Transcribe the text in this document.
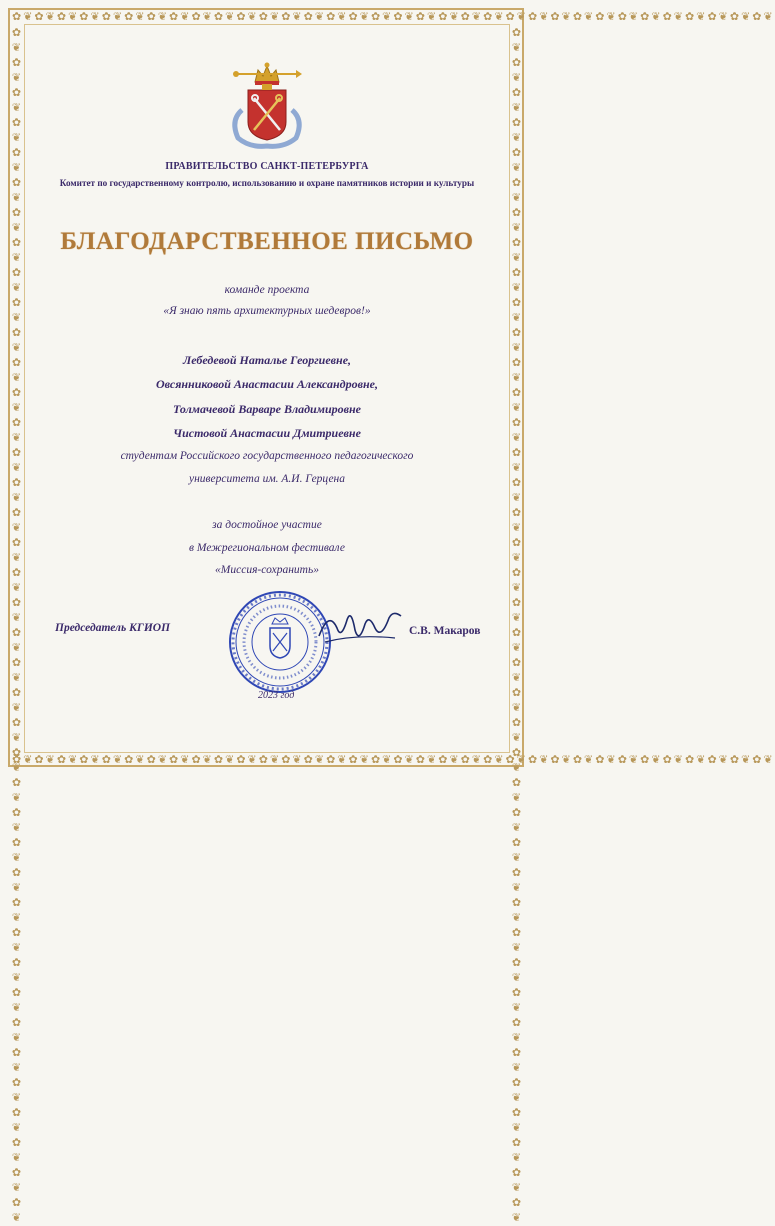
✿❦✿❦✿❦✿❦✿❦✿❦✿❦✿❦✿❦✿❦✿❦✿❦✿❦✿❦✿❦✿❦✿❦✿❦✿❦✿❦✿❦✿❦✿❦✿❦✿❦✿❦✿❦✿❦✿❦✿❦✿❦✿❦✿❦✿❦
✿❦✿❦✿❦✿❦✿❦✿❦✿❦✿❦✿❦✿❦✿❦✿❦✿❦✿❦✿❦✿❦✿❦✿❦✿❦✿❦✿❦✿❦✿❦✿❦✿❦✿❦✿❦✿❦✿❦✿❦✿❦✿❦✿❦✿❦
✿❦✿❦✿❦✿❦✿❦✿❦✿❦✿❦✿❦✿❦✿❦✿❦✿❦✿❦✿❦✿❦✿❦✿❦✿❦✿❦✿❦✿❦✿❦✿❦✿❦✿❦✿❦✿❦✿❦✿❦✿❦✿❦✿❦✿❦✿❦✿❦✿❦✿❦✿❦✿❦	✿❦✿❦✿❦✿❦✿❦✿❦✿❦✿❦✿❦✿❦✿❦✿❦✿❦✿❦✿❦✿❦✿❦✿❦✿❦✿❦✿❦✿❦✿❦✿❦✿❦✿❦✿❦✿❦✿❦✿❦✿❦✿❦✿❦✿❦✿❦✿❦✿❦✿❦✿❦✿❦
ПРАВИТЕЛЬСТВО САНКТ-ПЕТЕРБУРГА
Комитет по государственному контролю, использованию и охране памятников истории и культуры
БЛАГОДАРСТВЕННОЕ ПИСЬМО
команде проекта
«Я знаю пять архитектурных шедевров!»
Лебедевой Наталье Георгиевне,
Овсянниковой Анастасии Александровне,
Толмачевой Варваре Владимировне
Чистовой Анастасии Дмитриевне
студентам Российского государственного педагогического
университета им. А.И. Герцена
за достойное участие
в Межрегиональном фестивале
«Миссия-сохранить»
Председатель КГИОП	С.В. Макаров
2023 год
